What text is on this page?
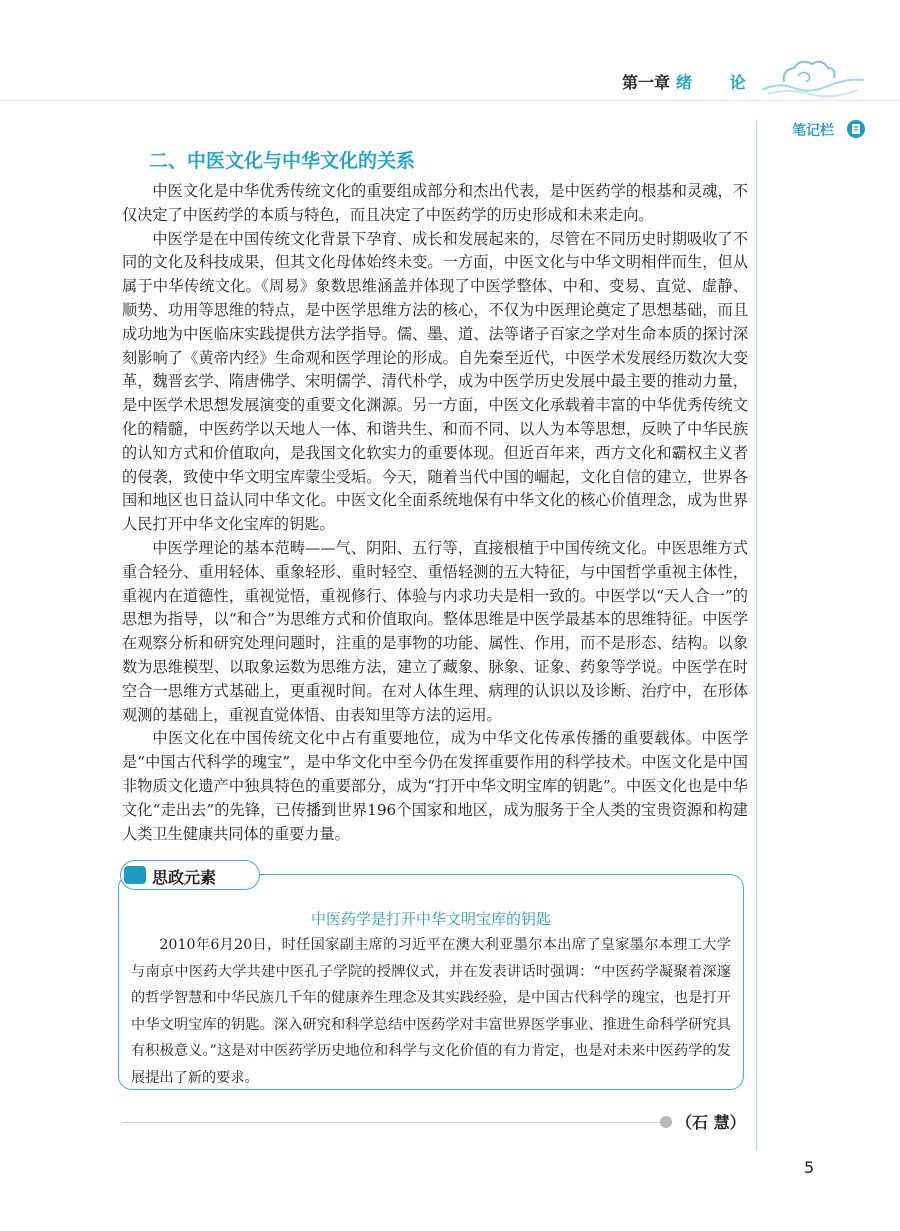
第一章 绪 论
笔记栏
二、中医文化与中华文化的关系

中医文化是中华优秀传统文化的重要组成部分和杰出代表，是中医药学的根基和灵魂，不仅决定了中医药学的本质与特色，而且决定了中医药学的历史形成和未来走向。

中医学是在中国传统文化背景下孕育、成长和发展起来的，尽管在不同历史时期吸收了不同的文化及科技成果，但其文化母体始终未变。一方面，中医文化与中华文明相伴而生，但从属于中华传统文化。《周易》象数思维涵盖并体现了中医学整体、中和、变易、直觉、虚静、顺势、功用等思维的特点，是中医学思维方法的核心，不仅为中医理论奠定了思想基础，而且成功地为中医临床实践提供方法学指导。儒、墨、道、法等诸子百家之学对生命本质的探讨深刻影响了《黄帝内经》生命观和医学理论的形成。自先秦至近代，中医学术发展经历数次大变革，魏晋玄学、隋唐佛学、宋明儒学、清代朴学，成为中医学历史发展中最主要的推动力量，是中医学术思想发展演变的重要文化渊源。另一方面，中医文化承载着丰富的中华优秀传统文化的精髓，中医药学以天地人一体、和谐共生、和而不同、以人为本等思想，反映了中华民族的认知方式和价值取向，是我国文化软实力的重要体现。但近百年来，西方文化和霸权主义者的侵袭，致使中华文明宝库蒙尘受垢。今天，随着当代中国的崛起，文化自信的建立，世界各国和地区也日益认同中华文化。中医文化全面系统地保有中华文化的核心价值理念，成为世界人民打开中华文化宝库的钥匙。

中医学理论的基本范畴——气、阴阳、五行等，直接根植于中国传统文化。中医思维方式重合轻分、重用轻体、重象轻形、重时轻空、重悟轻测的五大特征，与中国哲学重视主体性，重视内在道德性，重视觉悟，重视修行、体验与内求功夫是相一致的。中医学以“天人合一”的思想为指导，以“和合”为思维方式和价值取向。整体思维是中医学最基本的思维特征。中医学在观察分析和研究处理问题时，注重的是事物的功能、属性、作用，而不是形态、结构。以象数为思维模型、以取象运数为思维方法，建立了藏象、脉象、证象、药象等学说。中医学在时空合一思维方式基础上，更重视时间。在对人体生理、病理的认识以及诊断、治疗中，在形体观测的基础上，重视直觉体悟、由表知里等方法的运用。

中医文化在中国传统文化中占有重要地位，成为中华文化传承传播的重要载体。中医学是“中国古代科学的瑰宝”，是中华文化中至今仍在发挥重要作用的科学技术。中医文化是中国非物质文化遗产中独具特色的重要部分，成为“打开中华文明宝库的钥匙”。中医文化也是中华文化“走出去”的先锋，已传播到世界196个国家和地区，成为服务于全人类的宝贵资源和构建人类卫生健康共同体的重要力量。

思政元素
中医药学是打开中华文明宝库的钥匙

2010年6月20日，时任国家副主席的习近平在澳大利亚墨尔本出席了皇家墨尔本理工大学与南京中医药大学共建中医孔子学院的授牌仪式，并在发表讲话时强调：“中医药学凝聚着深邃的哲学智慧和中华民族几千年的健康养生理念及其实践经验，是中国古代科学的瑰宝，也是打开中华文明宝库的钥匙。深入研究和科学总结中医药学对丰富世界医学事业、推进生命科学研究具有积极意义。”这是对中医药学历史地位和科学与文化价值的有力肯定，也是对未来中医药学的发展提出了新的要求。

（石 慧）
5
